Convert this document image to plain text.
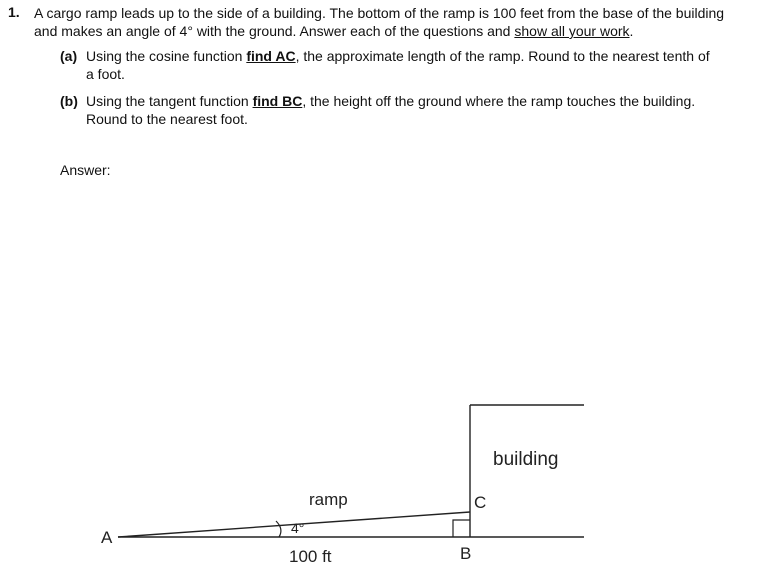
1. A cargo ramp leads up to the side of a building. The bottom of the ramp is 100 feet from the base of the building and makes an angle of 4° with the ground. Answer each of the questions and show all your work.
(a) Using the cosine function find AC, the approximate length of the ramp. Round to the nearest tenth of
a foot.
(b) Using the tangent function find BC, the height off the ground where the ramp touches the building.
Round to the nearest foot.
Answer:
A
B
C
4°
100 ft
ramp
building
